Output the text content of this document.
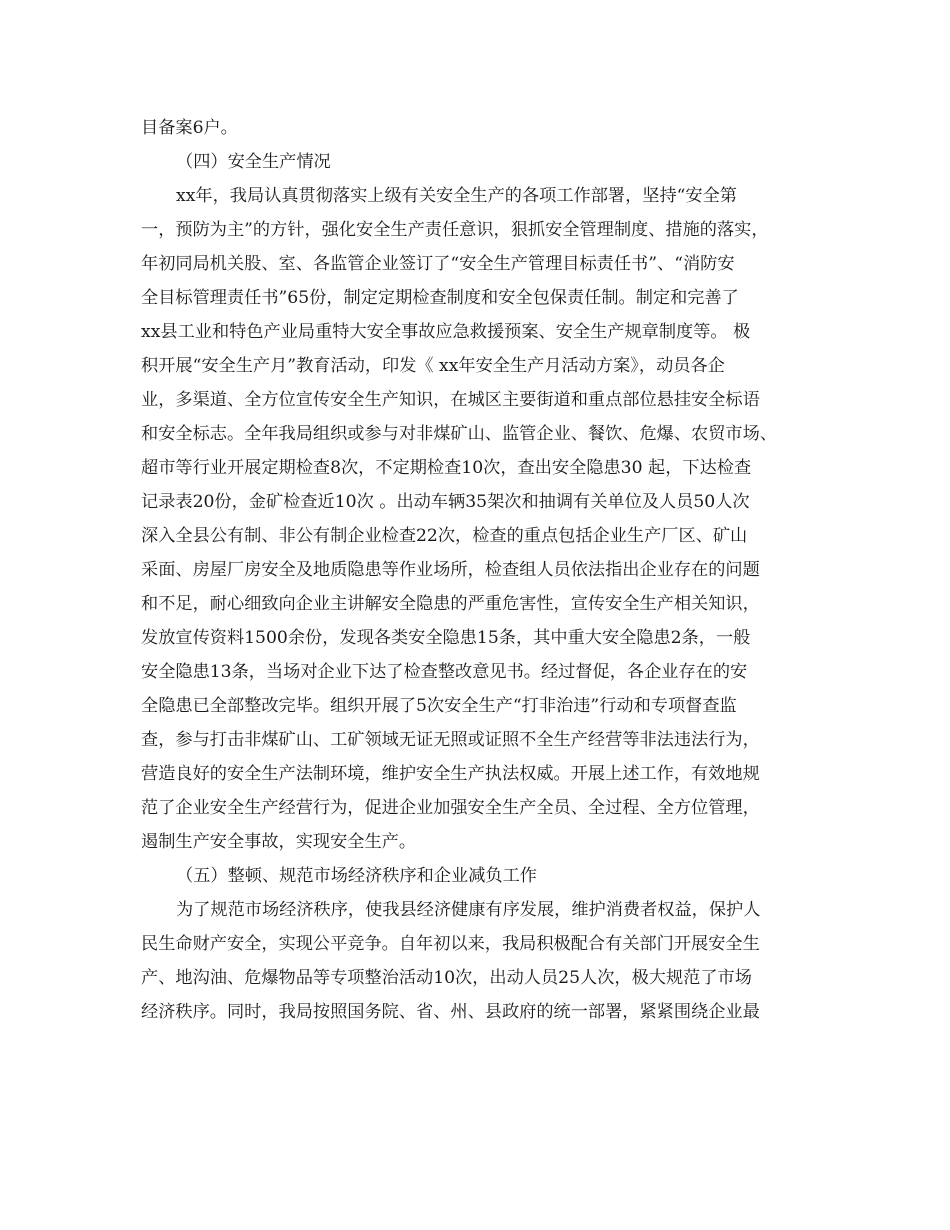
目备案6户。
（四）安全生产情况
xx年，我局认真贯彻落实上级有关安全生产的各项工作部署，坚持“安全第
一，预防为主”的方针，强化安全生产责任意识，狠抓安全管理制度、措施的落实，
年初同局机关股、室、各监管企业签订了“安全生产管理目标责任书”、“消防安
全目标管理责任书”65份，制定定期检查制度和安全包保责任制。制定和完善了
xx县工业和特色产业局重特大安全事故应急救援预案、安全生产规章制度等。 极
积开展“安全生产月”教育活动，印发《 xx年安全生产月活动方案》，动员各企
业，多渠道、全方位宣传安全生产知识，在城区主要街道和重点部位悬挂安全标语
和安全标志。全年我局组织或参与对非煤矿山、监管企业、餐饮、危爆、农贸市场、
超市等行业开展定期检查8次，不定期检查10次，查出安全隐患30 起，下达检查
记录表20份，金矿检查近10次 。出动车辆35架次和抽调有关单位及人员50人次
深入全县公有制、非公有制企业检查22次，检查的重点包括企业生产厂区、矿山
采面、房屋厂房安全及地质隐患等作业场所，检查组人员依法指出企业存在的问题
和不足，耐心细致向企业主讲解安全隐患的严重危害性，宣传安全生产相关知识，
发放宣传资料1500余份，发现各类安全隐患15条，其中重大安全隐患2条，一般
安全隐患13条，当场对企业下达了检查整改意见书。经过督促，各企业存在的安
全隐患已全部整改完毕。组织开展了5次安全生产“打非治违”行动和专项督查监
查，参与打击非煤矿山、工矿领域无证无照或证照不全生产经营等非法违法行为，
营造良好的安全生产法制环境，维护安全生产执法权威。开展上述工作，有效地规
范了企业安全生产经营行为，促进企业加强安全生产全员、全过程、全方位管理，
遏制生产安全事故，实现安全生产。
（五）整顿、规范市场经济秩序和企业减负工作
为了规范市场经济秩序，使我县经济健康有序发展，维护消费者权益，保护人
民生命财产安全，实现公平竞争。自年初以来，我局积极配合有关部门开展安全生
产、地沟油、危爆物品等专项整治活动10次，出动人员25人次，极大规范了市场
经济秩序。同时，我局按照国务院、省、州、县政府的统一部署，紧紧围绕企业最
